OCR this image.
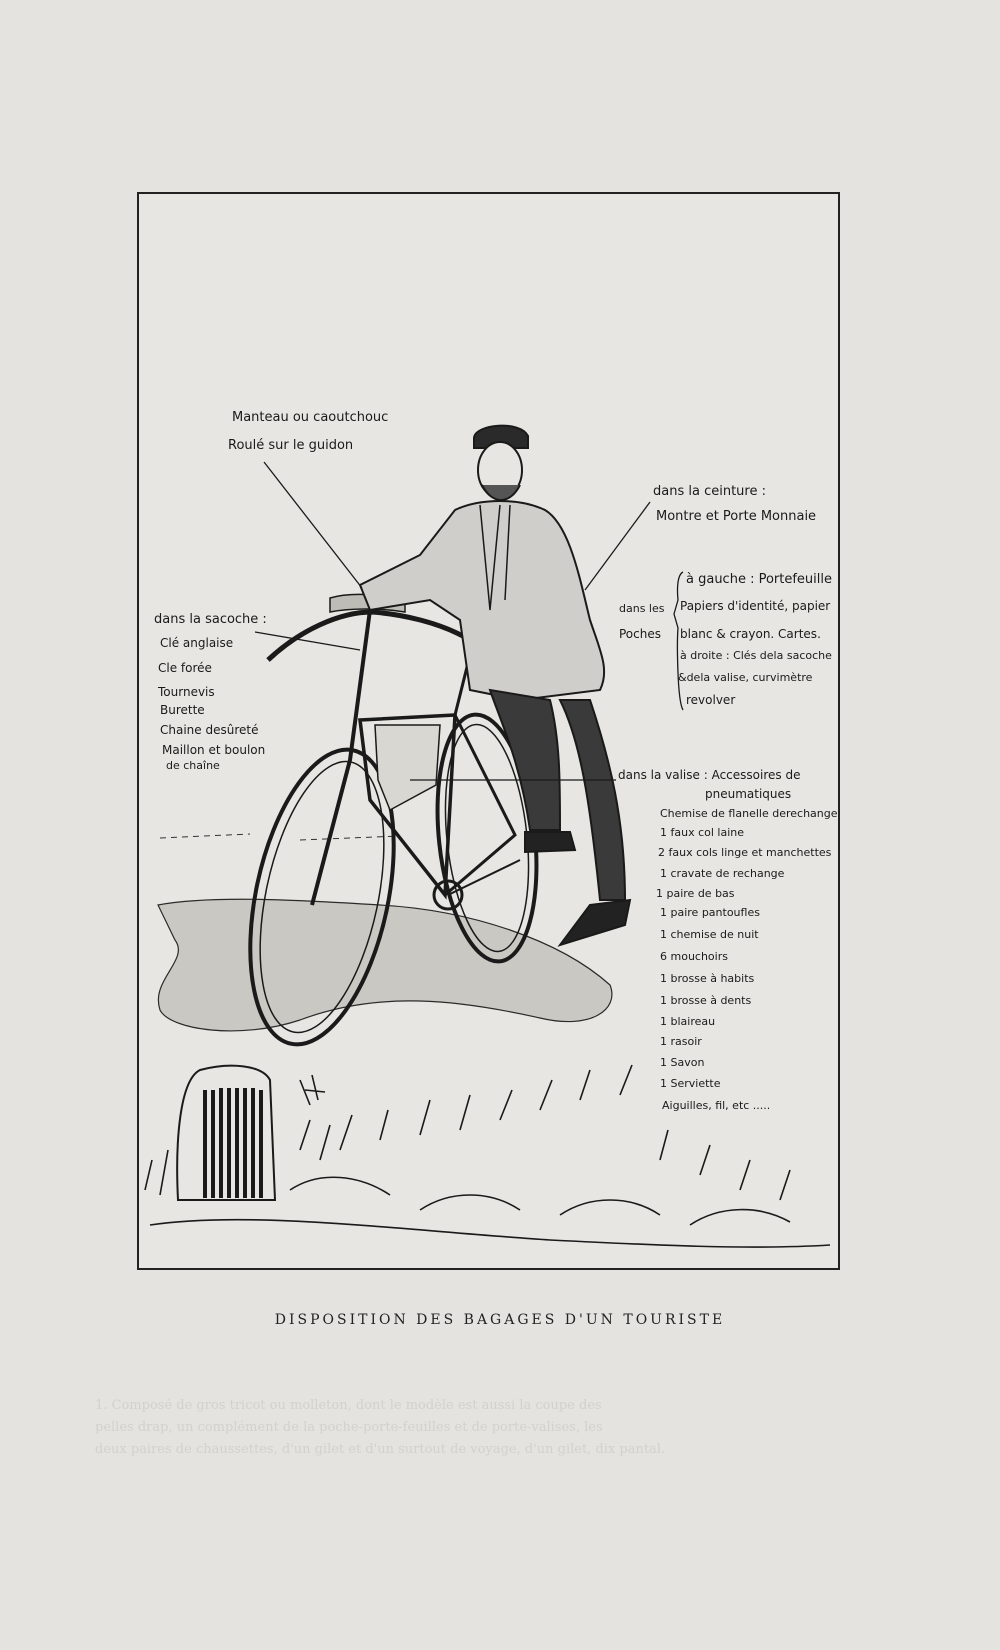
Manteau ou caoutchouc
Roulé sur le guidon
dans la ceinture :
Montre et Porte Monnaie
dans la sacoche :
Clé anglaise
Cle forée
Tournevis
Burette
Chaine desûreté
Maillon et boulon
de chaîne
dans les
Poches
à gauche : Portefeuille
Papiers d'identité, papier
blanc & crayon. Cartes.
à droite : Clés dela sacoche
&dela valise, curvimètre
revolver
dans la valise : Accessoires de
pneumatiques
Chemise de flanelle derechange
1 faux col laine
2 faux cols linge et manchettes
1 cravate de rechange
1 paire de bas
1 paire pantoufles
1 chemise de nuit
6 mouchoirs
1 brosse à habits
1 brosse à dents
1 blaireau
1 rasoir
1 Savon
1 Serviette
Aiguilles, fil, etc .....
DISPOSITION DES BAGAGES D'UN TOURISTE
1. Composé de gros tricot ou molleton, dont le modèle est aussi la coupe des
pelles drap, un complément de la poche-porte-feuilles et de porte-valises, les
deux paires de chaussettes, d'un gilet et d'un surtout de voyage, d'un gilet, dix pantal.
